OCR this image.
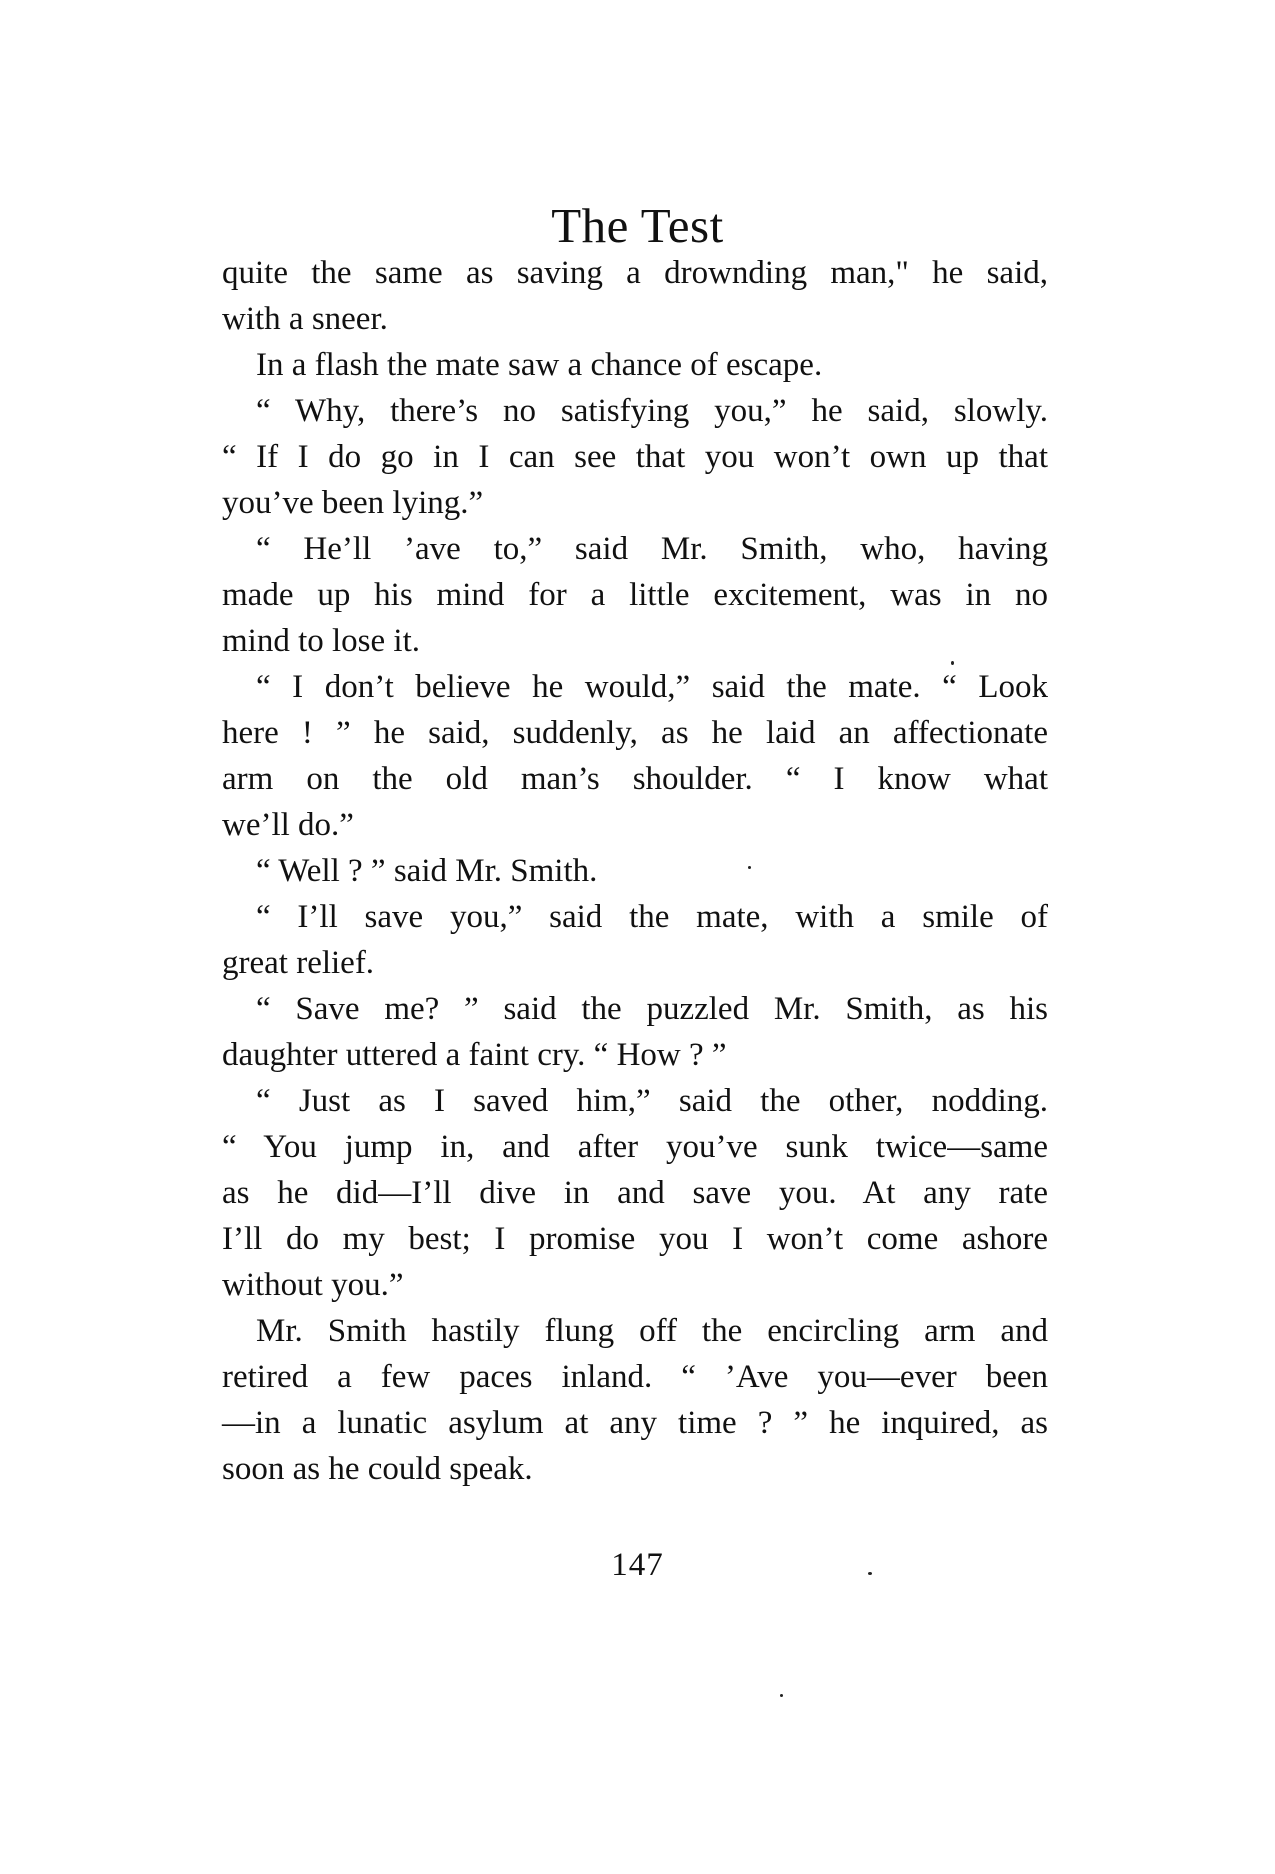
The Test
quite the same as saving a drownding man," he said,
with a sneer.
In a flash the mate saw a chance of escape.
“ Why, there’s no satisfying you,” he said, slowly.
“ If I do go in I can see that you won’t own up that
you’ve been lying.”
“ He’ll ’ave to,” said Mr. Smith, who, having
made up his mind for a little excitement, was in no
mind to lose it.
“ I don’t believe he would,” said the mate. “ Look
here ! ” he said, suddenly, as he laid an affectionate
arm on the old man’s shoulder. “ I know what
we’ll do.”
“ Well ? ” said Mr. Smith.
“ I’ll save you,” said the mate, with a smile of
great relief.
“ Save me? ” said the puzzled Mr. Smith, as his
daughter uttered a faint cry. “ How ? ”
“ Just as I saved him,” said the other, nodding.
“ You jump in, and after you’ve sunk twice—same
as he did—I’ll dive in and save you. At any rate
I’ll do my best; I promise you I won’t come ashore
without you.”
Mr. Smith hastily flung off the encircling arm and
retired a few paces inland. “ ’Ave you—ever been
—in a lunatic asylum at any time ? ” he inquired, as
soon as he could speak.
147
